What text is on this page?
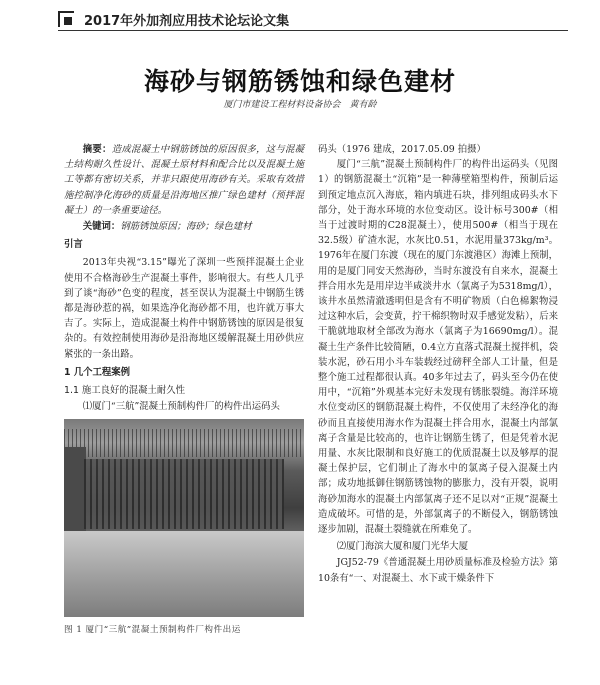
2017年外加剂应用技术论坛论文集
海砂与钢筋锈蚀和绿色建材
厦门市建设工程材料设备协会　黄有龄

摘要：造成混凝土中钢筋锈蚀的原因很多，这与混凝土结构耐久性设计、混凝土原材料和配合比以及混凝土施工等都有密切关系，并非只跟使用海砂有关。采取有效措施控制净化海砂的质量是沿海地区推广绿色建材（预拌混凝土）的一条重要途径。

关键词：钢筋锈蚀原因；海砂；绿色建材

引言

2013年央视“3.15”曝光了深圳一些预拌混凝土企业使用不合格海砂生产混凝土事件，影响很大。有些人几乎到了谈“海砂”色变的程度，甚至误认为混凝土中钢筋生锈都是海砂惹的祸，如果选净化海砂都不用，也许就万事大吉了。实际上，造成混凝土构件中钢筋锈蚀的原因是很复杂的。有效控制使用海砂是沿海地区缓解混凝土用砂供应紧张的一条出路。

1 几个工程案例
1.1 施工良好的混凝土耐久性

⑴厦门“三航”混凝土预制构件厂的构件出运码头

图 1 厦门“三航”混凝土预制构件厂构件出运

码头（1976 建成，2017.05.09 拍摄）

厦门“三航”混凝土预制构件厂的构件出运码头（见图 1）的钢筋混凝土“沉箱”是一种薄壁箱型构件，预制后运到预定地点沉入海底，箱内填进石块，排列组成码头水下部分，处于海水环境的水位变动区。设计标号300#（相当于过渡时期的C28混凝土），使用500#（相当于现在32.5级）矿渣水泥，水灰比0.51，水泥用量373kg/m³。1976年在厦门东渡（现在的厦门东渡港区）海滩上预制，用的是厦门同安天然海砂，当时东渡没有自来水，混凝土拌合用水先是用岸边半咸淡井水（氯离子为5318mg/l），该井水虽然清澈透明但是含有不明矿物质（白色棉絮物浸过这种水后，会变黄，拧干棉织物时双手感觉发粘），后来干脆就地取材全部改为海水（氯离子为16690mg/l）。混凝土生产条件比较简陋，0.4立方直落式混凝土搅拌机，袋装水泥，砂石用小斗车装载经过磅秤全部人工计量，但是整个施工过程都很认真。40多年过去了，码头至今仍在使用中，“沉箱”外观基本完好未发现有锈胀裂缝。海洋环境水位变动区的钢筋混凝土构件，不仅使用了未经净化的海砂而且直接使用海水作为混凝土拌合用水，混凝土内部氯离子含量是比较高的，也许让钢筋生锈了，但是凭着水泥用量、水灰比限制和良好施工的优质混凝土以及够厚的混凝土保护层，它们制止了海水中的氯离子侵入混凝土内部；成功地抵御住钢筋锈蚀物的膨胀力，没有开裂，说明海砂加海水的混凝土内部氯离子还不足以对“正规”混凝土造成破坏。可惜的是，外部氯离子的不断侵入，钢筋锈蚀逐步加剧，混凝土裂缝就在所难免了。

⑵厦门海滨大厦和厦门光华大厦

JGJ52-79《普通混凝土用砂质量标准及检验方法》第10条有“一、对混凝土、水下或干燥条件下
